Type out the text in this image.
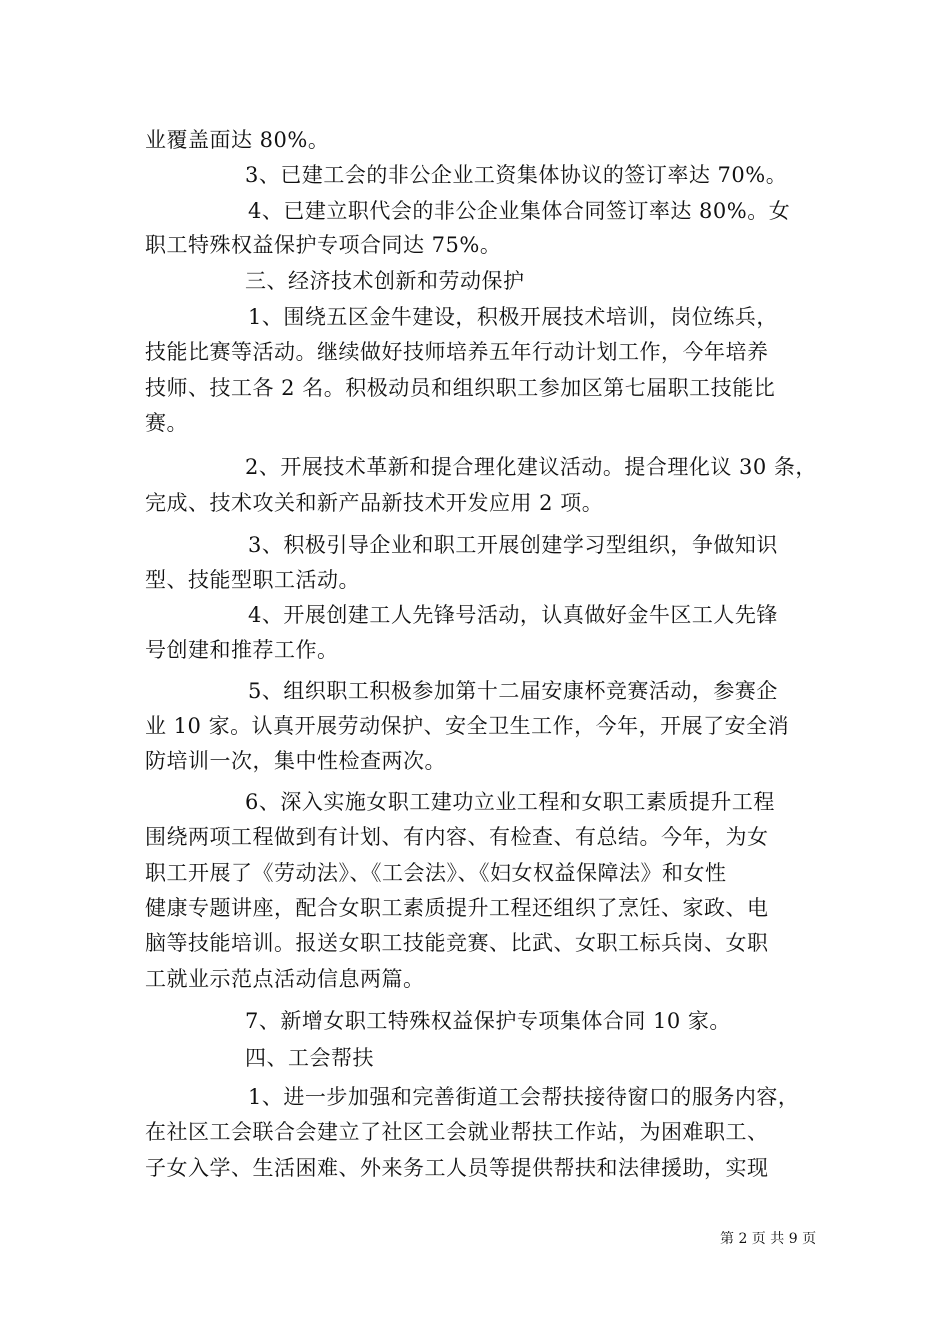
业覆盖面达 80%。
3、已建工会的非公企业工资集体协议的签订率达 70%。
4、已建立职代会的非公企业集体合同签订率达 80%。女
职工特殊权益保护专项合同达 75%。
三、经济技术创新和劳动保护
1、围绕五区金牛建设，积极开展技术培训，岗位练兵，
技能比赛等活动。继续做好技师培养五年行动计划工作，今年培养
技师、技工各 2 名。积极动员和组织职工参加区第七届职工技能比
赛。
2、开展技术革新和提合理化建议活动。提合理化议 30 条，
完成、技术攻关和新产品新技术开发应用 2 项。
3、积极引导企业和职工开展创建学习型组织，争做知识
型、技能型职工活动。
4、开展创建工人先锋号活动，认真做好金牛区工人先锋
号创建和推荐工作。
5、组织职工积极参加第十二届安康杯竞赛活动，参赛企
业 10 家。认真开展劳动保护、安全卫生工作，今年，开展了安全消
防培训一次，集中性检查两次。
6、深入实施女职工建功立业工程和女职工素质提升工程
围绕两项工程做到有计划、有内容、有检查、有总结。今年，为女
职工开展了《劳动法》、《工会法》、《妇女权益保障法》和女性
健康专题讲座，配合女职工素质提升工程还组织了烹饪、家政、电
脑等技能培训。报送女职工技能竞赛、比武、女职工标兵岗、女职
工就业示范点活动信息两篇。
7、新增女职工特殊权益保护专项集体合同 10 家。
四、工会帮扶
1、进一步加强和完善街道工会帮扶接待窗口的服务内容，
在社区工会联合会建立了社区工会就业帮扶工作站，为困难职工、
子女入学、生活困难、外来务工人员等提供帮扶和法律援助，实现
第 2 页 共 9 页
